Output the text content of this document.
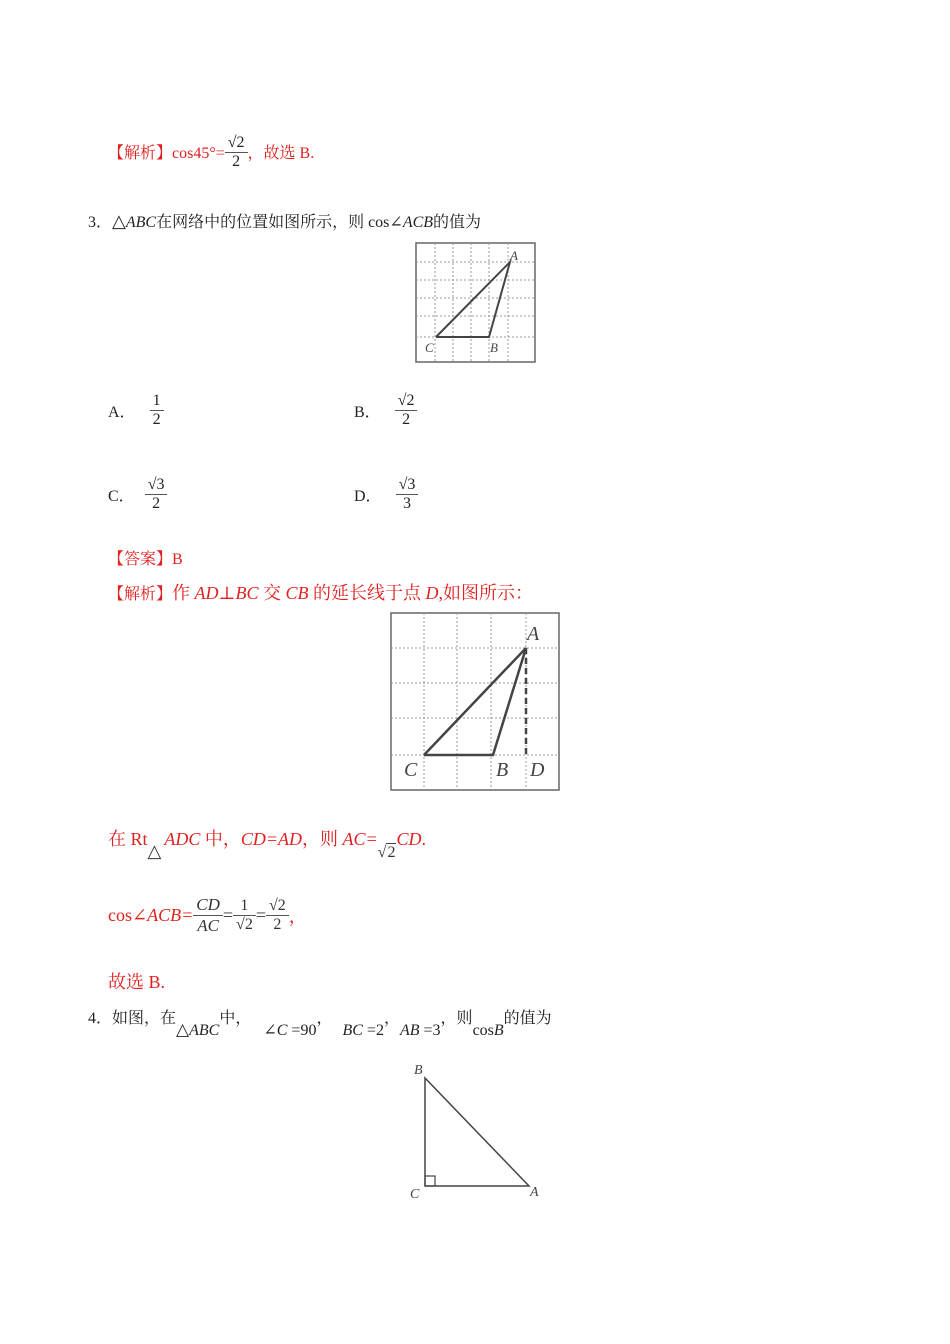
【解析】$\cos 45^\circ= \frac{√2}{2}$ ，故选 B.
3．△ABC在网络中的位置如图所示，则 cos∠ACB的值为
A
C	B
A． $\frac{1}{2}$	B． $\frac{√2}{2}$
C． $\frac{√3}{2}$	D． $\frac{√3}{3}$
【答案】B
【解析】作 AD⊥BC 交 CB 的延长线于点 D,如图所示：
A
C	B D
在 Rt△ADC 中，CD=AD，则 AC=√2CD.
cos∠ACB= $\frac{CD}{AC} = \frac{1}{√2} = \frac{√2}{2}$ ，
故选 B.
4．如图，在△ABC中，∠C =90，BC =2，AB =3，则cosB的值为
B
C	A
